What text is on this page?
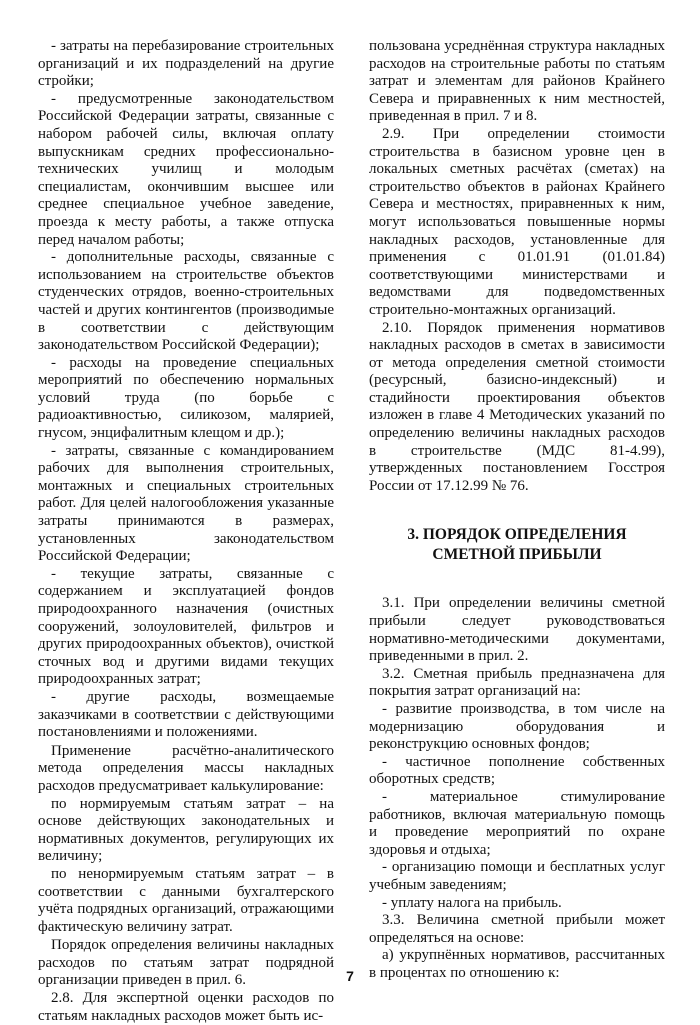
- затраты на перебазирование строительных организаций и их подразделений на другие стройки;

- предусмотренные законодательством Российской Федерации затраты, связанные с набором рабочей силы, включая оплату выпускникам средних профессионально-технических училищ и молодым специалистам, окончившим высшее или среднее специальное учебное заведение, проезда к месту работы, а также отпуска перед началом работы;

- дополнительные расходы, связанные с использованием на строительстве объектов студенческих отрядов, военно-строительных частей и других контингентов (производимые в соответствии с действующим законодательством Российской Федерации);

- расходы на проведение специальных мероприятий по обеспечению нормальных условий труда (по борьбе с радиоактивностью, силикозом, малярией, гнусом, энцифалитным клещом и др.);

- затраты, связанные с командированием рабочих для выполнения строительных, монтажных и специальных строительных работ. Для целей налогообложения указанные затраты принимаются в размерах, установленных законодательством Российской Федерации;

- текущие затраты, связанные с содержанием и эксплуатацией фондов природоохранного назначения (очистных сооружений, золоуловителей, фильтров и других природоохранных объектов), очисткой сточных вод и другими видами текущих природоохранных затрат;

- другие расходы, возмещаемые заказчиками в соответствии с действующими постановлениями и положениями.

Применение расчётно-аналитического метода определения массы накладных расходов предусматривает калькулирование:

по нормируемым статьям затрат – на основе действующих законодательных и нормативных документов, регулирующих их величину;

по ненормируемым статьям затрат – в соответствии с данными бухгалтерского учёта подрядных организаций, отражающими фактическую величину затрат.

Порядок определения величины накладных расходов по статьям затрат подрядной организации приведен в прил. 6.

2.8. Для экспертной оценки расходов по статьям накладных расходов может быть ис-

пользована усреднённая структура накладных расходов на строительные работы по статьям затрат и элементам для районов Крайнего Севера и приравненных к ним местностей, приведенная в прил. 7 и 8.

2.9. При определении стоимости строительства в базисном уровне цен в локальных сметных расчётах (сметах) на строительство объектов в районах Крайнего Севера и местностях, приравненных к ним, могут использоваться повышенные нормы накладных расходов, установленные для применения с 01.01.91 (01.01.84) соответствующими министерствами и ведомствами для подведомственных строительно-монтажных организаций.

2.10. Порядок применения нормативов накладных расходов в сметах в зависимости от метода определения сметной стоимости (ресурсный, базисно-индексный) и стадийности проектирования объектов изложен в главе 4 Методических указаний по определению величины накладных расходов в строительстве (МДС 81-4.99), утвержденных постановлением Госстроя России от 17.12.99 № 76.

3. ПОРЯДОК ОПРЕДЕЛЕНИЯ
СМЕТНОЙ ПРИБЫЛИ

3.1. При определении величины сметной прибыли следует руководствоваться нормативно-методическими документами, приведенными в прил. 2.

3.2. Сметная прибыль предназначена для покрытия затрат организаций на:

- развитие производства, в том числе на модернизацию оборудования и реконструкцию основных фондов;

- частичное пополнение собственных оборотных средств;

- материальное стимулирование работников, включая материальную помощь и проведение мероприятий по охране здоровья и отдыха;

- организацию помощи и бесплатных услуг учебным заведениям;

- уплату налога на прибыль.

3.3. Величина сметной прибыли может определяться на основе:

а) укрупнённых нормативов, рассчитанных в процентах по отношению к:

7
